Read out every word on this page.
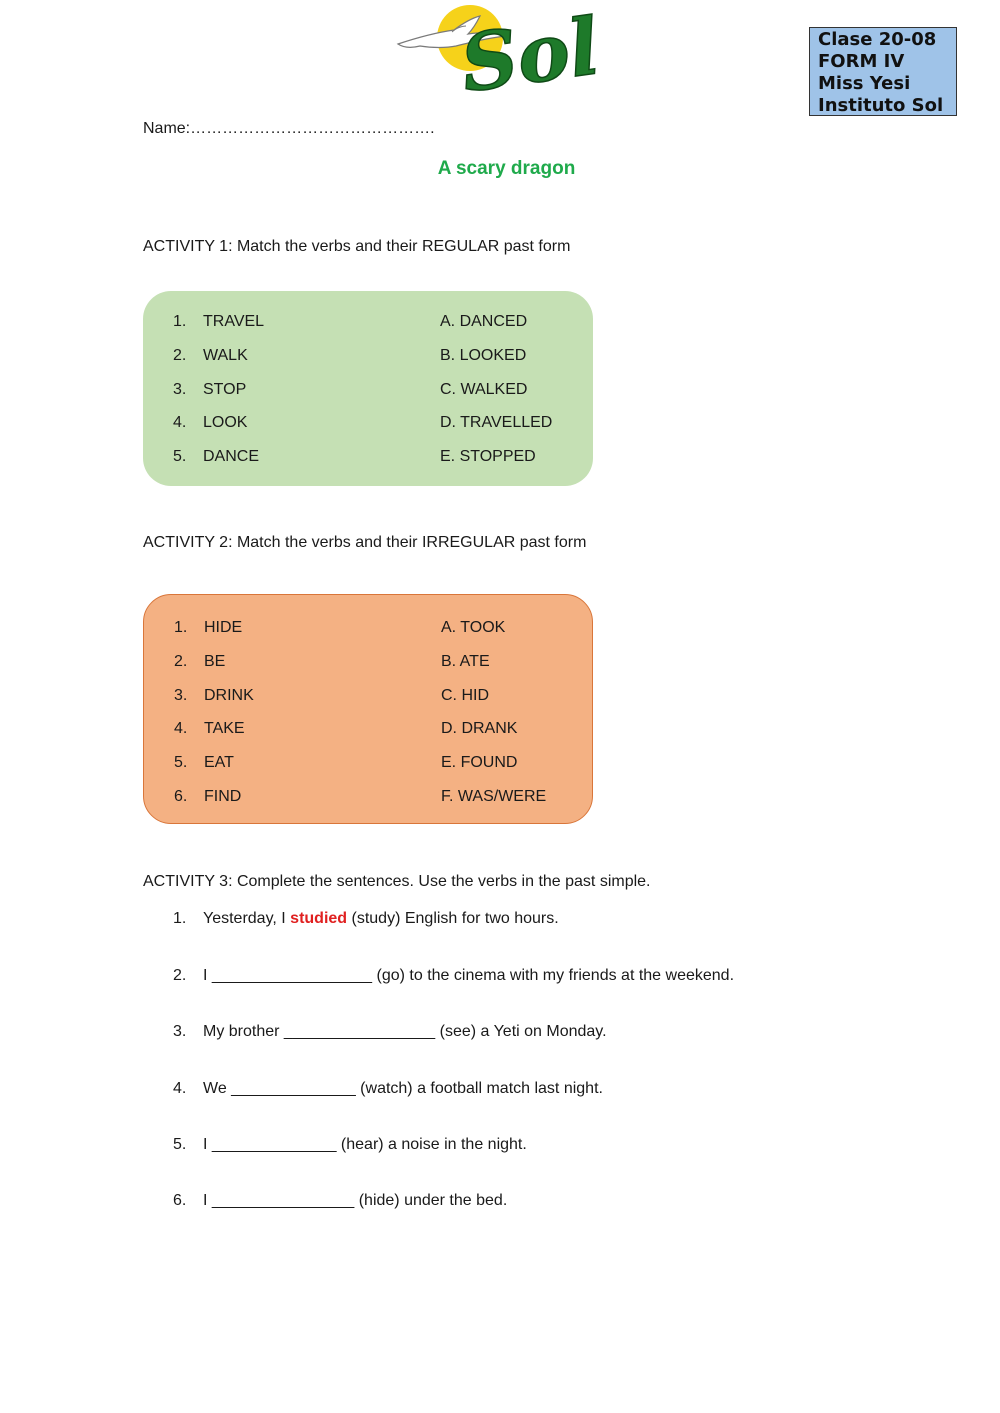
Sol	Clase 20-08
FORM IV
Miss Yesi
Instituto Sol
Name:……………………………………….
A scary dragon
ACTIVITY 1: Match the verbs and their REGULAR past form
1. TRAVEL	A. DANCED
2. WALK	B. LOOKED
3. STOP	C. WALKED
4. LOOK	D. TRAVELLED
5. DANCE	E. STOPPED
ACTIVITY 2: Match the verbs and their IRREGULAR past form
1. HIDE	A. TOOK
2. BE	B. ATE
3. DRINK	C. HID
4. TAKE	D. DRANK
5. EAT	E. FOUND
6. FIND	F. WAS/WERE
ACTIVITY 3: Complete the sentences. Use the verbs in the past simple.
1. Yesterday, I studied (study) English for two hours.
2. I __________________ (go) to the cinema with my friends at the weekend.
3. My brother _________________ (see) a Yeti on Monday.
4. We ______________ (watch) a football match last night.
5. I ______________ (hear) a noise in the night.
6. I ________________ (hide) under the bed.
